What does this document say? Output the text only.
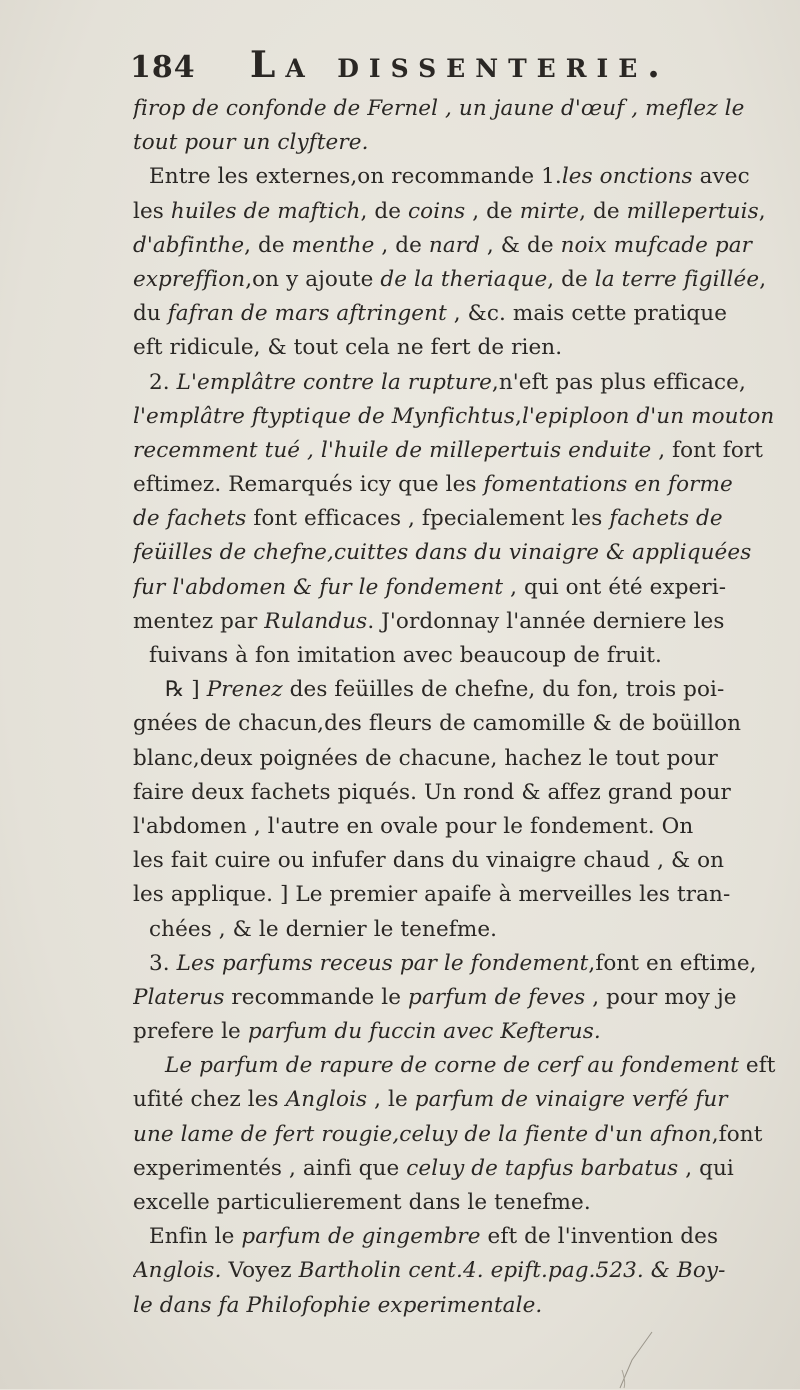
184 La dissenterie.
firop de confonde de Fernel , un jaune d'œuf , meflez le
tout pour un clyftere.
Entre les externes,on recommande 1.les onctions avec
les huiles de maftich, de coins , de mirte, de millepertuis,
d'abfinthe, de menthe , de nard , & de noix mufcade par
expreffion,on y ajoute de la theriaque, de la terre figillée,
du fafran de mars aftringent , &c. mais cette pratique
eft ridicule, & tout cela ne fert de rien.
2. L'emplâtre contre la rupture,n'eft pas plus efficace,
l'emplâtre ftyptique de Mynfichtus,l'epiploon d'un mouton
recemment tué , l'huile de millepertuis enduite , font fort
eftimez. Remarqués icy que les fomentations en forme
de fachets font efficaces , fpecialement les fachets de
feüilles de chefne,cuittes dans du vinaigre & appliquées
fur l'abdomen & fur le fondement , qui ont été experi-
mentez par Rulandus. J'ordonnay l'année derniere les
fuivans à fon imitation avec beaucoup de fruit.
℞ ] Prenez des feüilles de chefne, du fon, trois poi-
gnées de chacun,des fleurs de camomille & de boüillon
blanc,deux poignées de chacune, hachez le tout pour
faire deux fachets piqués. Un rond & affez grand pour
l'abdomen , l'autre en ovale pour le fondement. On
les fait cuire ou infufer dans du vinaigre chaud , & on
les applique. ] Le premier apaife à merveilles les tran-
chées , & le dernier le tenefme.
3. Les parfums receus par le fondement,font en eftime,
Platerus recommande le parfum de feves , pour moy je
prefere le parfum du fuccin avec Kefterus.
Le parfum de rapure de corne de cerf au fondement eft
ufité chez les Anglois , le parfum de vinaigre verfé fur
une lame de fert rougie,celuy de la fiente d'un afnon,font
experimentés , ainfi que celuy de tapfus barbatus , qui
excelle particulierement dans le tenefme.
Enfin le parfum de gingembre eft de l'invention des
Anglois. Voyez Bartholin cent.4. epift.pag.523. & Boy-
le dans fa Philofophie experimentale.
